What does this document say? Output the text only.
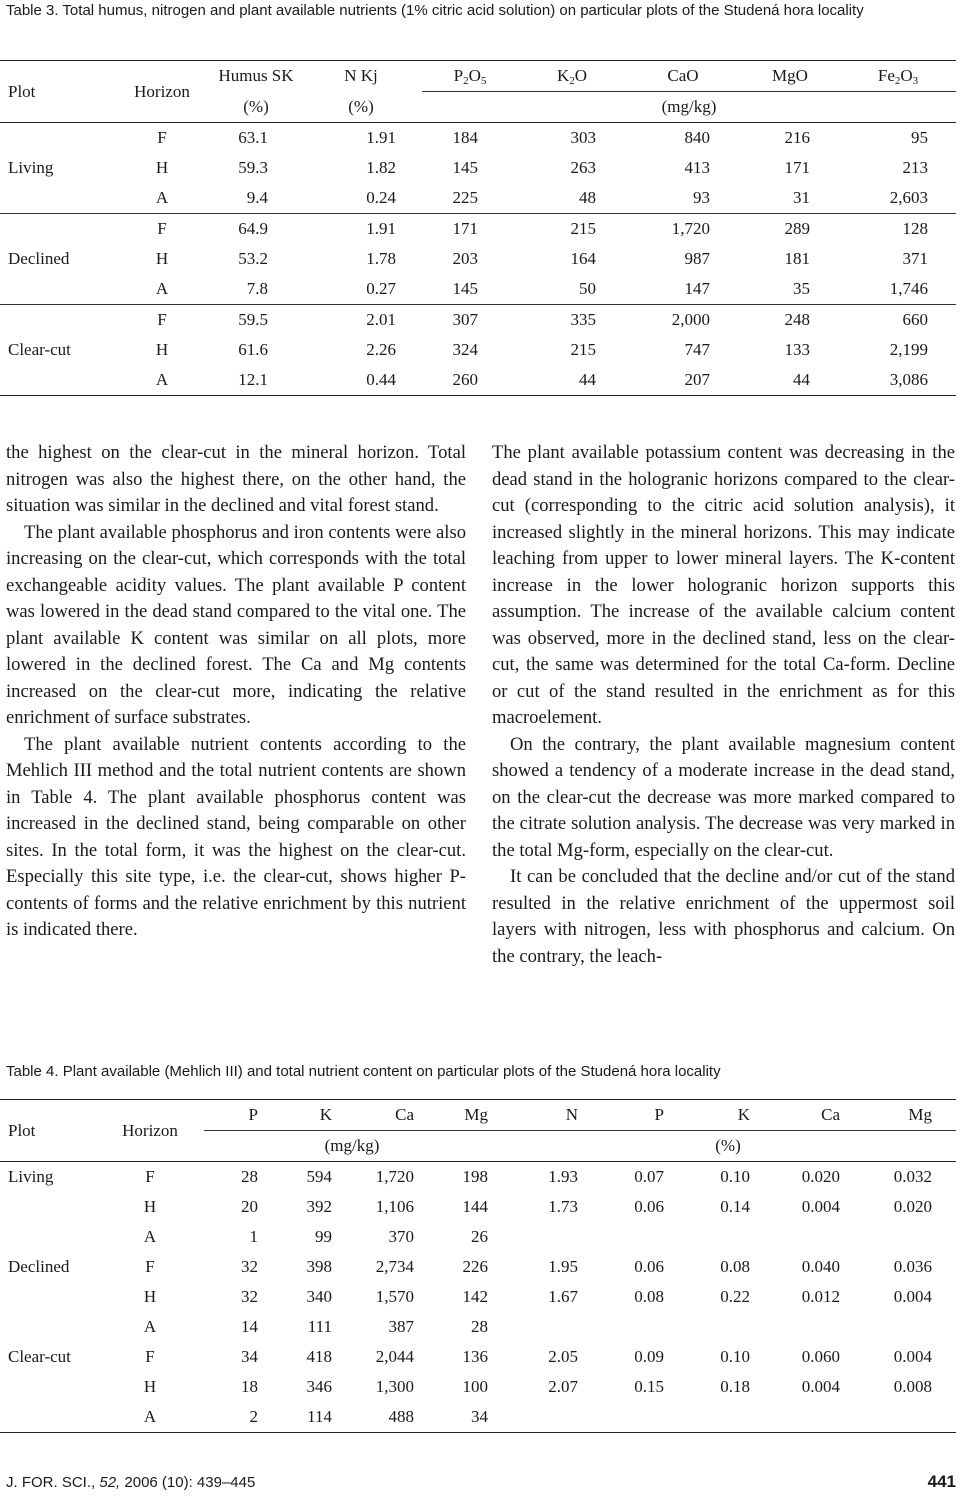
Table 3. Total humus, nitrogen and plant available nutrients (1% citric acid solution) on particular plots of the Studená hora locality
Plot	Horizon	Humus SK	N Kj	$P_2O_5$	$K_2O$	CaO	MgO	$Fe_2O_3$
		(%)	(%)	(mg/kg)				
	F	63.1	1.91	184	303	840	216	95
Living	H	59.3	1.82	145	263	413	171	213
	A	9.4	0.24	225	48	93	31	2,603
	F	64.9	1.91	171	215	1,720	289	128
Declined	H	53.2	1.78	203	164	987	181	371
	A	7.8	0.27	145	50	147	35	1,746
	F	59.5	2.01	307	335	2,000	248	660
Clear-cut	H	61.6	2.26	324	215	747	133	2,199
	A	12.1	0.44	260	44	207	44	3,086

the highest on the clear-cut in the mineral horizon. Total nitrogen was also the highest there, on the other hand, the situation was similar in the declined and vital forest stand.

The plant available phosphorus and iron contents were also increasing on the clear-cut, which corresponds with the total exchangeable acidity values. The plant available P content was lowered in the dead stand compared to the vital one. The plant available K content was similar on all plots, more lowered in the declined forest. The Ca and Mg contents increased on the clear-cut more, indicating the relative enrichment of surface substrates.

The plant available nutrient contents according to the Mehlich III method and the total nutrient contents are shown in Table 4. The plant available phosphorus content was increased in the declined stand, being comparable on other sites. In the total form, it was the highest on the clear-cut. Especially this site type, i.e. the clear-cut, shows higher P-contents of forms and the relative enrichment by this nutrient is indicated there.

The plant available potassium content was decreasing in the dead stand in the hologranic horizons compared to the clear-cut (corresponding to the citric acid solution analysis), it increased slightly in the mineral horizons. This may indicate leaching from upper to lower mineral layers. The K-content increase in the lower hologranic horizon supports this assumption. The increase of the available calcium content was observed, more in the declined stand, less on the clear-cut, the same was determined for the total Ca-form. Decline or cut of the stand resulted in the enrichment as for this macroelement.

On the contrary, the plant available magnesium content showed a tendency of a moderate increase in the dead stand, on the clear-cut the decrease was more marked compared to the citrate solution analysis. The decrease was very marked in the total Mg-form, especially on the clear-cut.

It can be concluded that the decline and/or cut of the stand resulted in the relative enrichment of the uppermost soil layers with nitrogen, less with phosphorus and calcium. On the contrary, the leach-

Table 4. Plant available (Mehlich III) and total nutrient content on particular plots of the Studená hora locality
Plot	Horizon	P	K	Ca	Mg	N	P	K	Ca	Mg
		(mg/kg)				(%)				
Living	F	28	594	1,720	198	1.93	0.07	0.10	0.020	0.032
	H	20	392	1,106	144	1.73	0.06	0.14	0.004	0.020
	A	1	99	370	26					
Declined	F	32	398	2,734	226	1.95	0.06	0.08	0.040	0.036
	H	32	340	1,570	142	1.67	0.08	0.22	0.012	0.004
	A	14	111	387	28					
Clear-cut	F	34	418	2,044	136	2.05	0.09	0.10	0.060	0.004
	H	18	346	1,300	100	2.07	0.15	0.18	0.004	0.008
	A	2	114	488	34					
J. FOR. SCI., 52, 2006 (10): 439–445	441
